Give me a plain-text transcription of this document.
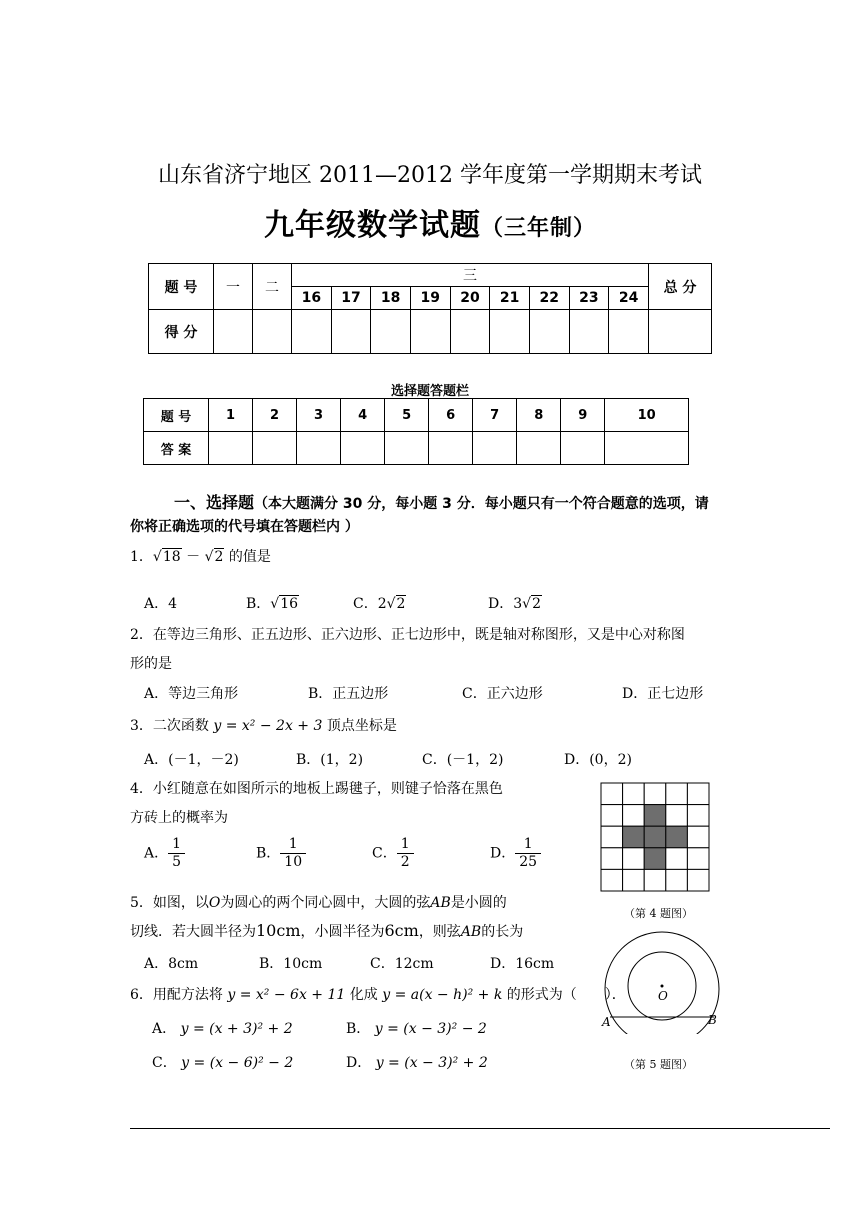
山东省济宁地区 2011—2012 学年度第一学期期末考试
九年级数学试题（三年制）
题 号	一	二	三									总 分
			16	17	18	19	20	21	22	23	24	
得 分												
选择题答题栏
题 号	1	2	3	4	5	6	7	8	9	10
答 案										
一、选择题（本大题满分 30 分，每小题 3 分．每小题只有一个符合题意的选项，请
你将正确选项的代号填在答题栏内 ）
1．√18 － √2 的值是
A．4	B．√16	C．2√2	D．3√2
2．在等边三角形、正五边形、正六边形、正七边形中，既是轴对称图形，又是中心对称图
形的是
A．等边三角形	B．正五边形	C．正六边形	D．正七边形
3．二次函数 y = x² − 2x + 3 顶点坐标是
A．(－1，－2)	B．(1，2)	C．(－1，2)	D．(0，2)
4．小红随意在如图所示的地板上踢毽子，则键子恰落在黑色
方砖上的概率为
A． $\frac{1}{5}$	B． $\frac{1}{10}$	C． $\frac{1}{2}$	D． $\frac{1}{25}$
（第 4 题图）
5．如图，以O为圆心的两个同心圆中，大圆的弦AB是小圆的
切线．若大圆半径为10cm，小圆半径为6cm，则弦AB的长为
A．8cm	B．10cm	C．12cm	D．16cm
O
A	B
（第 5 题图）
6．用配方法将 y = x² − 6x + 11 化成 y = a(x − h)² + k 的形式为（　　）．
A． y = (x + 3)² + 2	B． y = (x − 3)² − 2
C． y = (x − 6)² − 2	D． y = (x − 3)² + 2
